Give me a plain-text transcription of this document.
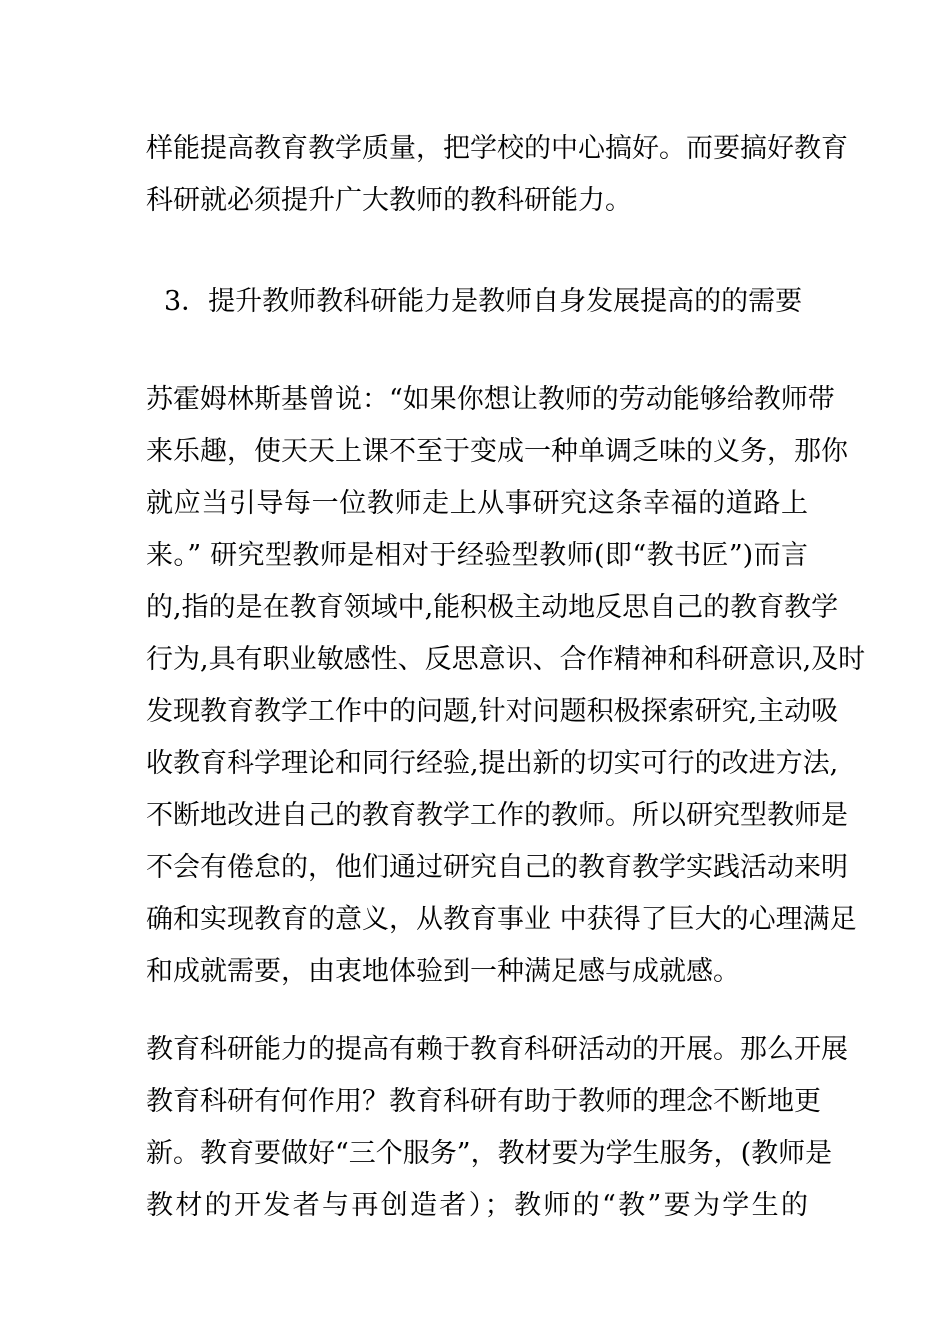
样能提高教育教学质量，把学校的中心搞好。而要搞好教育
科研就必须提升广大教师的教科研能力。

3．提升教师教科研能力是教师自身发展提高的的需要

苏霍姆林斯基曾说：“如果你想让教师的劳动能够给教师带
来乐趣，使天天上课不至于变成一种单调乏味的义务，那你
就应当引导每一位教师走上从事研究这条幸福的道路上
来。” 研究型教师是相对于经验型教师(即“教书匠”)而言
的,指的是在教育领域中,能积极主动地反思自己的教育教学
行为,具有职业敏感性、反思意识、合作精神和科研意识,及时
发现教育教学工作中的问题,针对问题积极探索研究,主动吸
收教育科学理论和同行经验,提出新的切实可行的改进方法,
不断地改进自己的教育教学工作的教师。所以研究型教师是
不会有倦怠的，他们通过研究自己的教育教学实践活动来明
确和实现教育的意义，从教育事业 中获得了巨大的心理满足
和成就需要，由衷地体验到一种满足感与成就感。
教育科研能力的提高有赖于教育科研活动的开展。那么开展
教育科研有何作用？教育科研有助于教师的理念不断地更
新。教育要做好“三个服务”，教材要为学生服务，(教师是
教材的开发者与再创造者）；教师的“教”要为学生的
